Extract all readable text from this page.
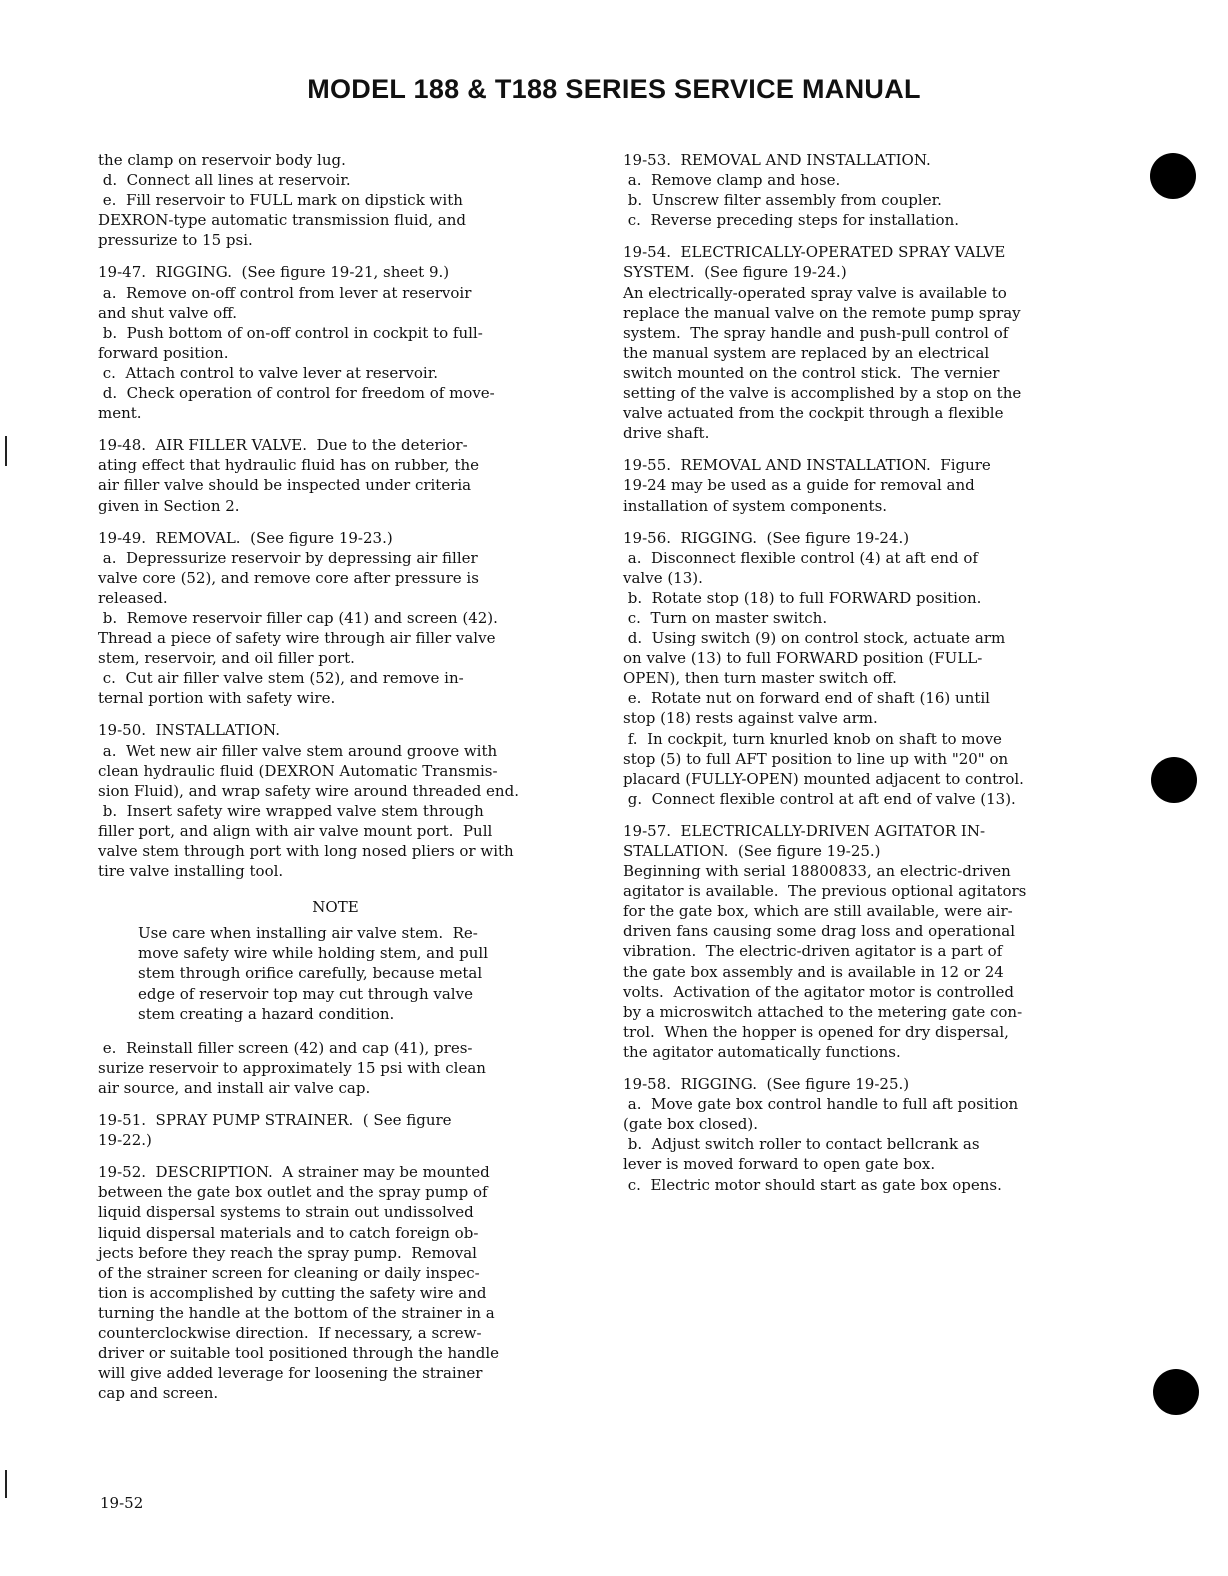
MODEL 188 & T188 SERIES SERVICE MANUAL
the clamp on reservoir body lug.
d.  Connect all lines at reservoir.
e.  Fill reservoir to FULL mark on dipstick with
DEXRON-type automatic transmission fluid, and
pressurize to 15 psi.
19-47.  RIGGING.  (See figure 19-21, sheet 9.)
a.  Remove on-off control from lever at reservoir
and shut valve off.
b.  Push bottom of on-off control in cockpit to full-
forward position.
c.  Attach control to valve lever at reservoir.
d.  Check operation of control for freedom of move-
ment.
19-48.  AIR FILLER VALVE.  Due to the deterior-
ating effect that hydraulic fluid has on rubber, the
air filler valve should be inspected under criteria
given in Section 2.
19-49.  REMOVAL.  (See figure 19-23.)
a.  Depressurize reservoir by depressing air filler
valve core (52), and remove core after pressure is
released.
b.  Remove reservoir filler cap (41) and screen (42).
Thread a piece of safety wire through air filler valve
stem, reservoir, and oil filler port.
c.  Cut air filler valve stem (52), and remove in-
ternal portion with safety wire.
19-50.  INSTALLATION.
a.  Wet new air filler valve stem around groove with
clean hydraulic fluid (DEXRON Automatic Transmis-
sion Fluid), and wrap safety wire around threaded end.
b.  Insert safety wire wrapped valve stem through
filler port, and align with air valve mount port.  Pull
valve stem through port with long nosed pliers or with
tire valve installing tool.
NOTE
Use care when installing air valve stem.  Re-
move safety wire while holding stem, and pull
stem through orifice carefully, because metal
edge of reservoir top may cut through valve
stem creating a hazard condition.
e.  Reinstall filler screen (42) and cap (41), pres-
surize reservoir to approximately 15 psi with clean
air source, and install air valve cap.
19-51.  SPRAY PUMP STRAINER.  ( See figure
19-22.)
19-52.  DESCRIPTION.  A strainer may be mounted
between the gate box outlet and the spray pump of
liquid dispersal systems to strain out undissolved
liquid dispersal materials and to catch foreign ob-
jects before they reach the spray pump.  Removal
of the strainer screen for cleaning or daily inspec-
tion is accomplished by cutting the safety wire and
turning the handle at the bottom of the strainer in a
counterclockwise direction.  If necessary, a screw-
driver or suitable tool positioned through the handle
will give added leverage for loosening the strainer
cap and screen.
19-53.  REMOVAL AND INSTALLATION.
a.  Remove clamp and hose.
b.  Unscrew filter assembly from coupler.
c.  Reverse preceding steps for installation.
19-54.  ELECTRICALLY-OPERATED SPRAY VALVE
SYSTEM.  (See figure 19-24.)
An electrically-operated spray valve is available to
replace the manual valve on the remote pump spray
system.  The spray handle and push-pull control of
the manual system are replaced by an electrical
switch mounted on the control stick.  The vernier
setting of the valve is accomplished by a stop on the
valve actuated from the cockpit through a flexible
drive shaft.
19-55.  REMOVAL AND INSTALLATION.  Figure
19-24 may be used as a guide for removal and
installation of system components.
19-56.  RIGGING.  (See figure 19-24.)
a.  Disconnect flexible control (4) at aft end of
valve (13).
b.  Rotate stop (18) to full FORWARD position.
c.  Turn on master switch.
d.  Using switch (9) on control stock, actuate arm
on valve (13) to full FORWARD position (FULL-
OPEN), then turn master switch off.
e.  Rotate nut on forward end of shaft (16) until
stop (18) rests against valve arm.
f.  In cockpit, turn knurled knob on shaft to move
stop (5) to full AFT position to line up with "20" on
placard (FULLY-OPEN) mounted adjacent to control.
g.  Connect flexible control at aft end of valve (13).
19-57.  ELECTRICALLY-DRIVEN AGITATOR IN-
STALLATION.  (See figure 19-25.)
Beginning with serial 18800833, an electric-driven
agitator is available.  The previous optional agitators
for the gate box, which are still available, were air-
driven fans causing some drag loss and operational
vibration.  The electric-driven agitator is a part of
the gate box assembly and is available in 12 or 24
volts.  Activation of the agitator motor is controlled
by a microswitch attached to the metering gate con-
trol.  When the hopper is opened for dry dispersal,
the agitator automatically functions.
19-58.  RIGGING.  (See figure 19-25.)
a.  Move gate box control handle to full aft position
(gate box closed).
b.  Adjust switch roller to contact bellcrank as
lever is moved forward to open gate box.
c.  Electric motor should start as gate box opens.
19-52
